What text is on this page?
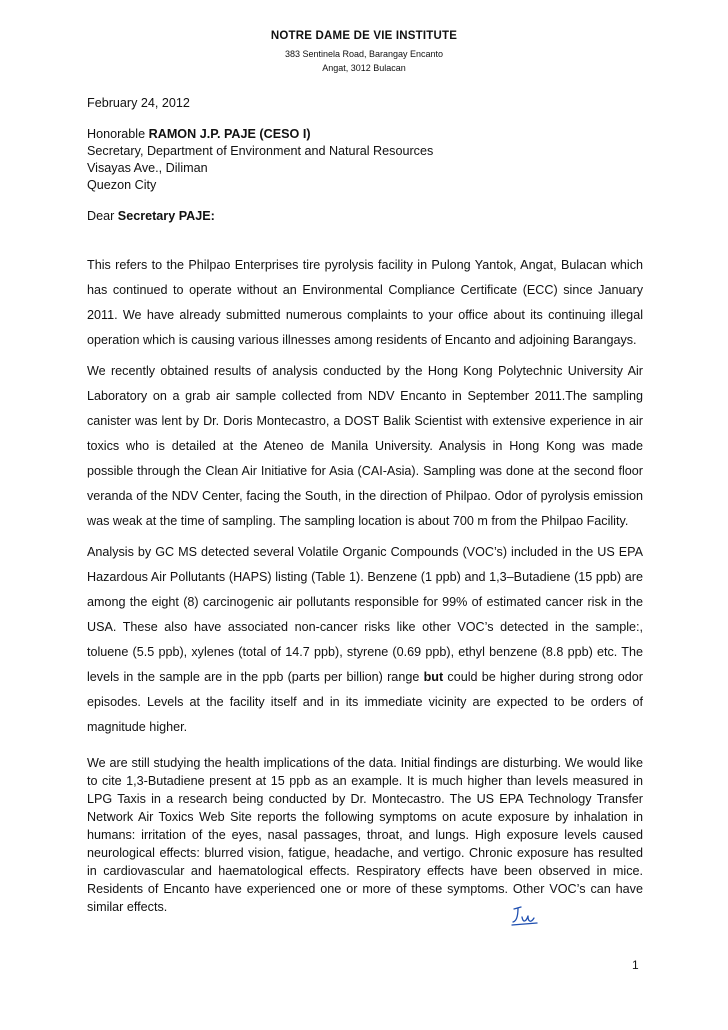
NOTRE DAME DE VIE INSTITUTE
383 Sentinela Road, Barangay Encanto
Angat, 3012 Bulacan

February 24, 2012

Honorable RAMON J.P. PAJE (CESO I)

Secretary, Department of Environment and Natural Resources

Visayas Ave., Diliman

Quezon City

Dear Secretary PAJE:

This refers to the Philpao Enterprises tire pyrolysis facility in Pulong Yantok, Angat, Bulacan which has continued to operate without an Environmental Compliance Certificate (ECC) since January 2011. We have already submitted numerous complaints to your office about its continuing illegal operation which is causing various illnesses among residents of Encanto and adjoining Barangays.

We recently obtained results of analysis conducted by the Hong Kong Polytechnic University Air Laboratory on a grab air sample collected from NDV Encanto in September 2011.The sampling canister was lent by Dr. Doris Montecastro, a DOST Balik Scientist with extensive experience in air toxics who is detailed at the Ateneo de Manila University. Analysis in Hong Kong was made possible through the Clean Air Initiative for Asia (CAI-Asia). Sampling was done at the second floor veranda of the NDV Center, facing the South, in the direction of Philpao. Odor of pyrolysis emission was weak at the time of sampling. The sampling location is about 700 m from the Philpao Facility.

Analysis by GC MS detected several Volatile Organic Compounds (VOC’s) included in the US EPA Hazardous Air Pollutants (HAPS) listing (Table 1). Benzene (1 ppb) and 1,3–Butadiene (15 ppb) are among the eight (8) carcinogenic air pollutants responsible for 99% of estimated cancer risk in the USA. These also have associated non-cancer risks like other VOC’s detected in the sample:, toluene (5.5 ppb), xylenes (total of 14.7 ppb), styrene (0.69 ppb), ethyl benzene (8.8 ppb) etc. The levels in the sample are in the ppb (parts per billion) range but could be higher during strong odor episodes. Levels at the facility itself and in its immediate vicinity are expected to be orders of magnitude higher.

We are still studying the health implications of the data. Initial findings are disturbing. We would like to cite 1,3-Butadiene present at 15 ppb as an example. It is much higher than levels measured in LPG Taxis in a research being conducted by Dr. Montecastro. The US EPA Technology Transfer Network Air Toxics Web Site reports the following symptoms on acute exposure by inhalation in humans: irritation of the eyes, nasal passages, throat, and lungs. High exposure levels caused neurological effects: blurred vision, fatigue, headache, and vertigo. Chronic exposure has resulted in cardiovascular and haematological effects. Respiratory effects have been observed in mice. Residents of Encanto have experienced one or more of these symptoms. Other VOC’s can have similar effects.

1
